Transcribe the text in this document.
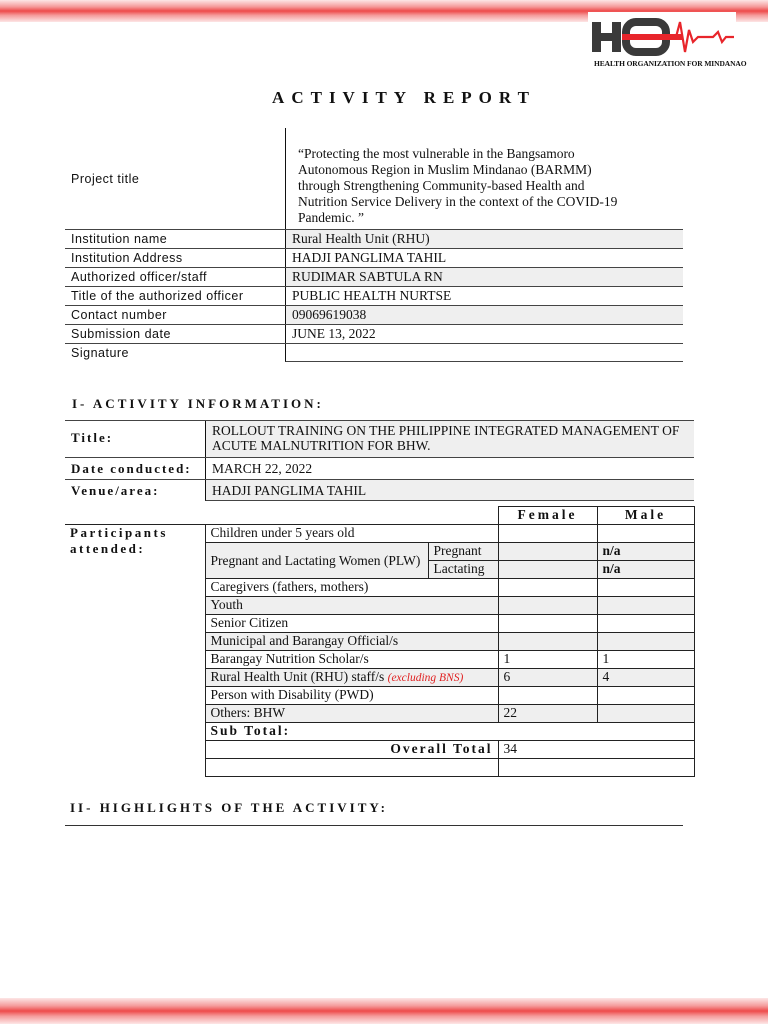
HEALTH ORGANIZATION FOR MINDANAO
ACTIVITY REPORT
Project title
“Protecting the most vulnerable in the Bangsamoro Autonomous Region in Muslim Mindanao (BARMM) through Strengthening Community-based Health and Nutrition Service Delivery in the context of the COVID-19 Pandemic. ”
Institution name	Rural Health Unit (RHU)
Institution Address	HADJI PANGLIMA TAHIL
Authorized officer/staff	RUDIMAR SABTULA RN
Title of the authorized officer	PUBLIC HEALTH NURTSE
Contact number	09069619038
Submission date	JUNE 13, 2022
Signature
I- ACTIVITY INFORMATION:
Title:	ROLLOUT TRAINING ON THE PHILIPPINE INTEGRATED MANAGEMENT OF ACUTE MALNUTRITION FOR BHW.
Date conducted:	MARCH 22, 2022
Venue/area:	HADJI PANGLIMA TAHIL
			Female	Male
Participants attended:	Children under 5 years old			
	Pregnant and Lactating Women (PLW)	Pregnant		n/a
		Lactating		n/a
	Caregivers (fathers, mothers)			
	Youth			
	Senior Citizen			
	Municipal and Barangay Official/s			
	Barangay Nutrition Scholar/s		1	1
	Rural Health Unit (RHU) staff/s (excluding BNS)		6	4
	Person with Disability (PWD)			
	Others: BHW		22	
	Sub Total:			
	Overall Total		34	

II- HIGHLIGHTS OF THE ACTIVITY:
